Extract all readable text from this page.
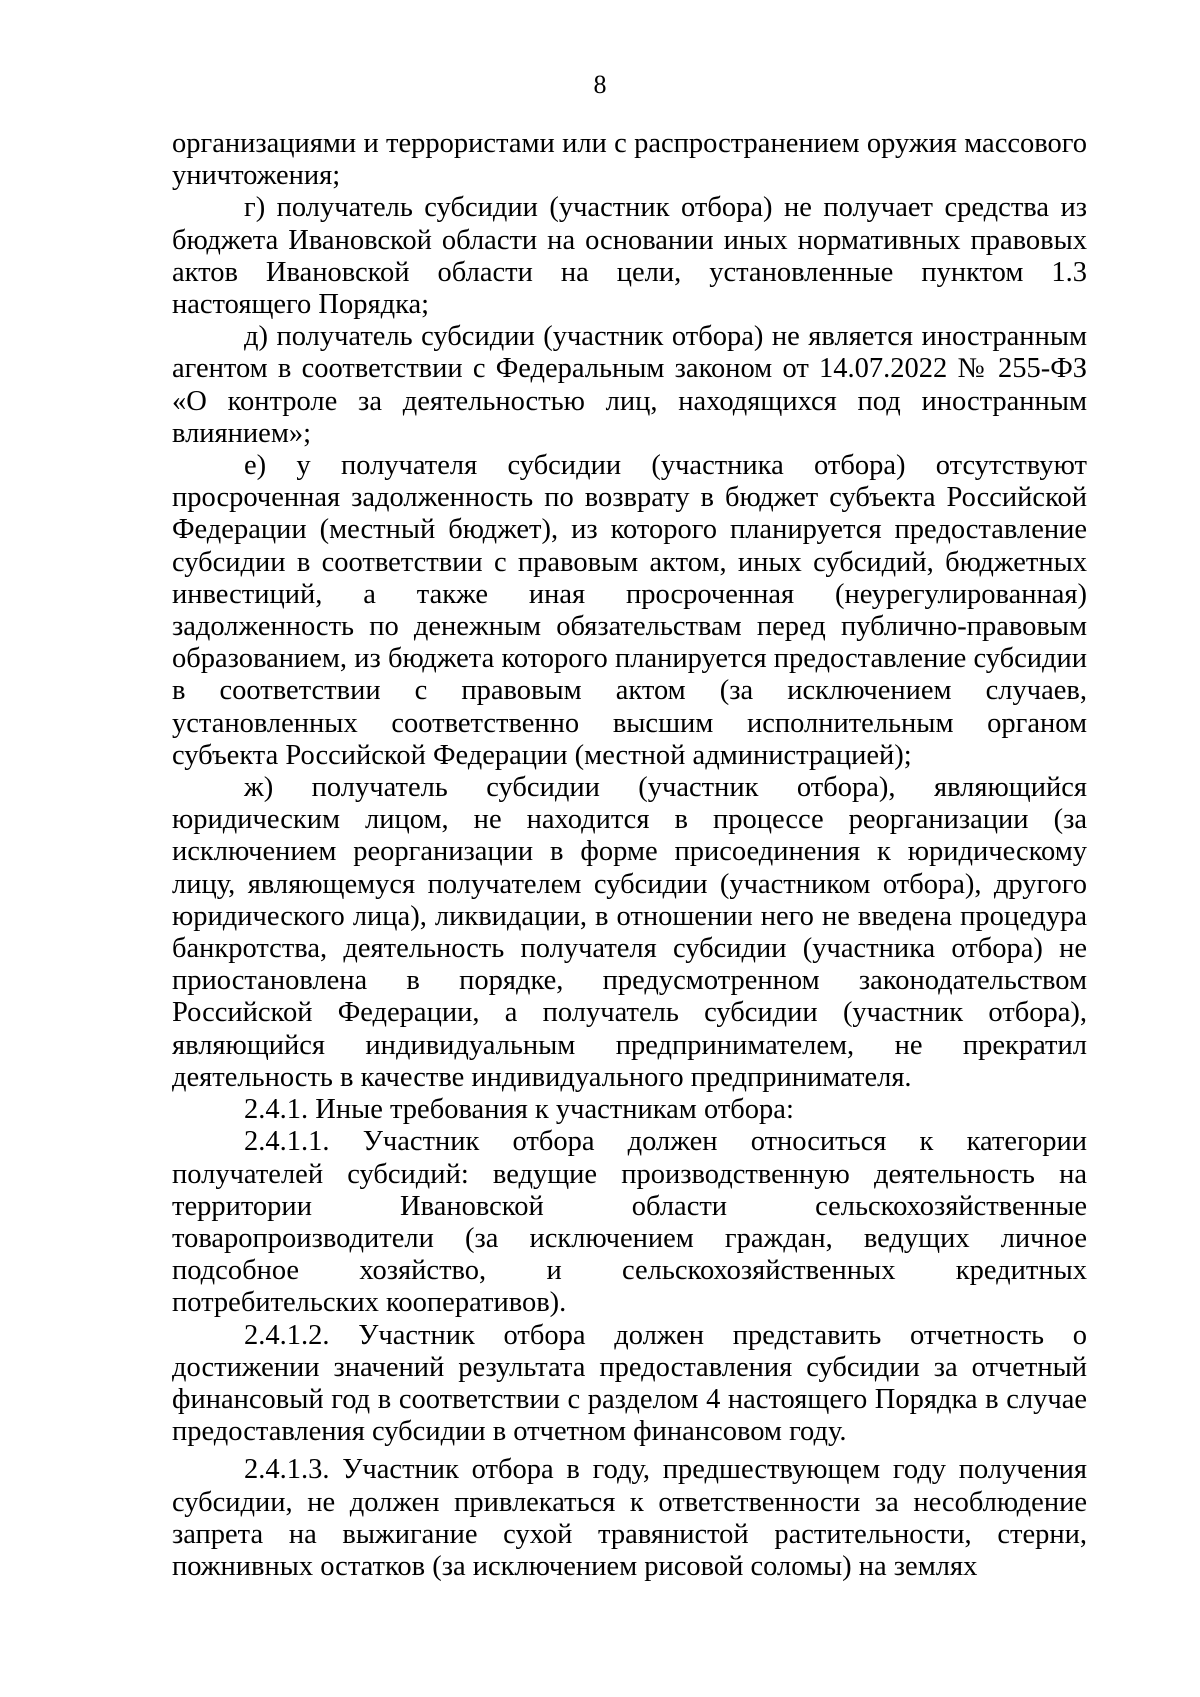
8

организациями и террористами или с распространением оружия массового уничтожения;

г) получатель субсидии (участник отбора) не получает средства из бюджета Ивановской области на основании иных нормативных правовых актов Ивановской области на цели, установленные пунктом 1.3 настоящего Порядка;

д) получатель субсидии (участник отбора) не является иностранным агентом в соответствии с Федеральным законом от 14.07.2022 № 255-ФЗ «О контроле за деятельностью лиц, находящихся под иностранным влиянием»;

е) у получателя субсидии (участника отбора) отсутствуют просроченная задолженность по возврату в бюджет субъекта Российской Федерации (местный бюджет), из которого планируется предоставление субсидии в соответствии с правовым актом, иных субсидий, бюджетных инвестиций, а также иная просроченная (неурегулированная) задолженность по денежным обязательствам перед публично-правовым образованием, из бюджета которого планируется предоставление субсидии в соответствии с правовым актом (за исключением случаев, установленных соответственно высшим исполнительным органом субъекта Российской Федерации (местной администрацией);

ж) получатель субсидии (участник отбора), являющийся юридическим лицом, не находится в процессе реорганизации (за исключением реорганизации в форме присоединения к юридическому лицу, являющемуся получателем субсидии (участником отбора), другого юридического лица), ликвидации, в отношении него не введена процедура банкротства, деятельность получателя субсидии (участника отбора) не приостановлена в порядке, предусмотренном законодательством Российской Федерации, а получатель субсидии (участник отбора), являющийся индивидуальным предпринимателем, не прекратил деятельность в качестве индивидуального предпринимателя.

2.4.1. Иные требования к участникам отбора:

2.4.1.1. Участник отбора должен относиться к категории получателей субсидий: ведущие производственную деятельность на территории Ивановской области сельскохозяйственные товаропроизводители (за исключением граждан, ведущих личное подсобное хозяйство, и сельскохозяйственных кредитных потребительских кооперативов).

2.4.1.2. Участник отбора должен представить отчетность о достижении значений результата предоставления субсидии за отчетный финансовый год в соответствии с разделом 4 настоящего Порядка в случае предоставления субсидии в отчетном финансовом году.

2.4.1.3. Участник отбора в году, предшествующем году получения субсидии, не должен привлекаться к ответственности за несоблюдение запрета на выжигание сухой травянистой растительности, стерни, пожнивных остатков (за исключением рисовой соломы) на землях
